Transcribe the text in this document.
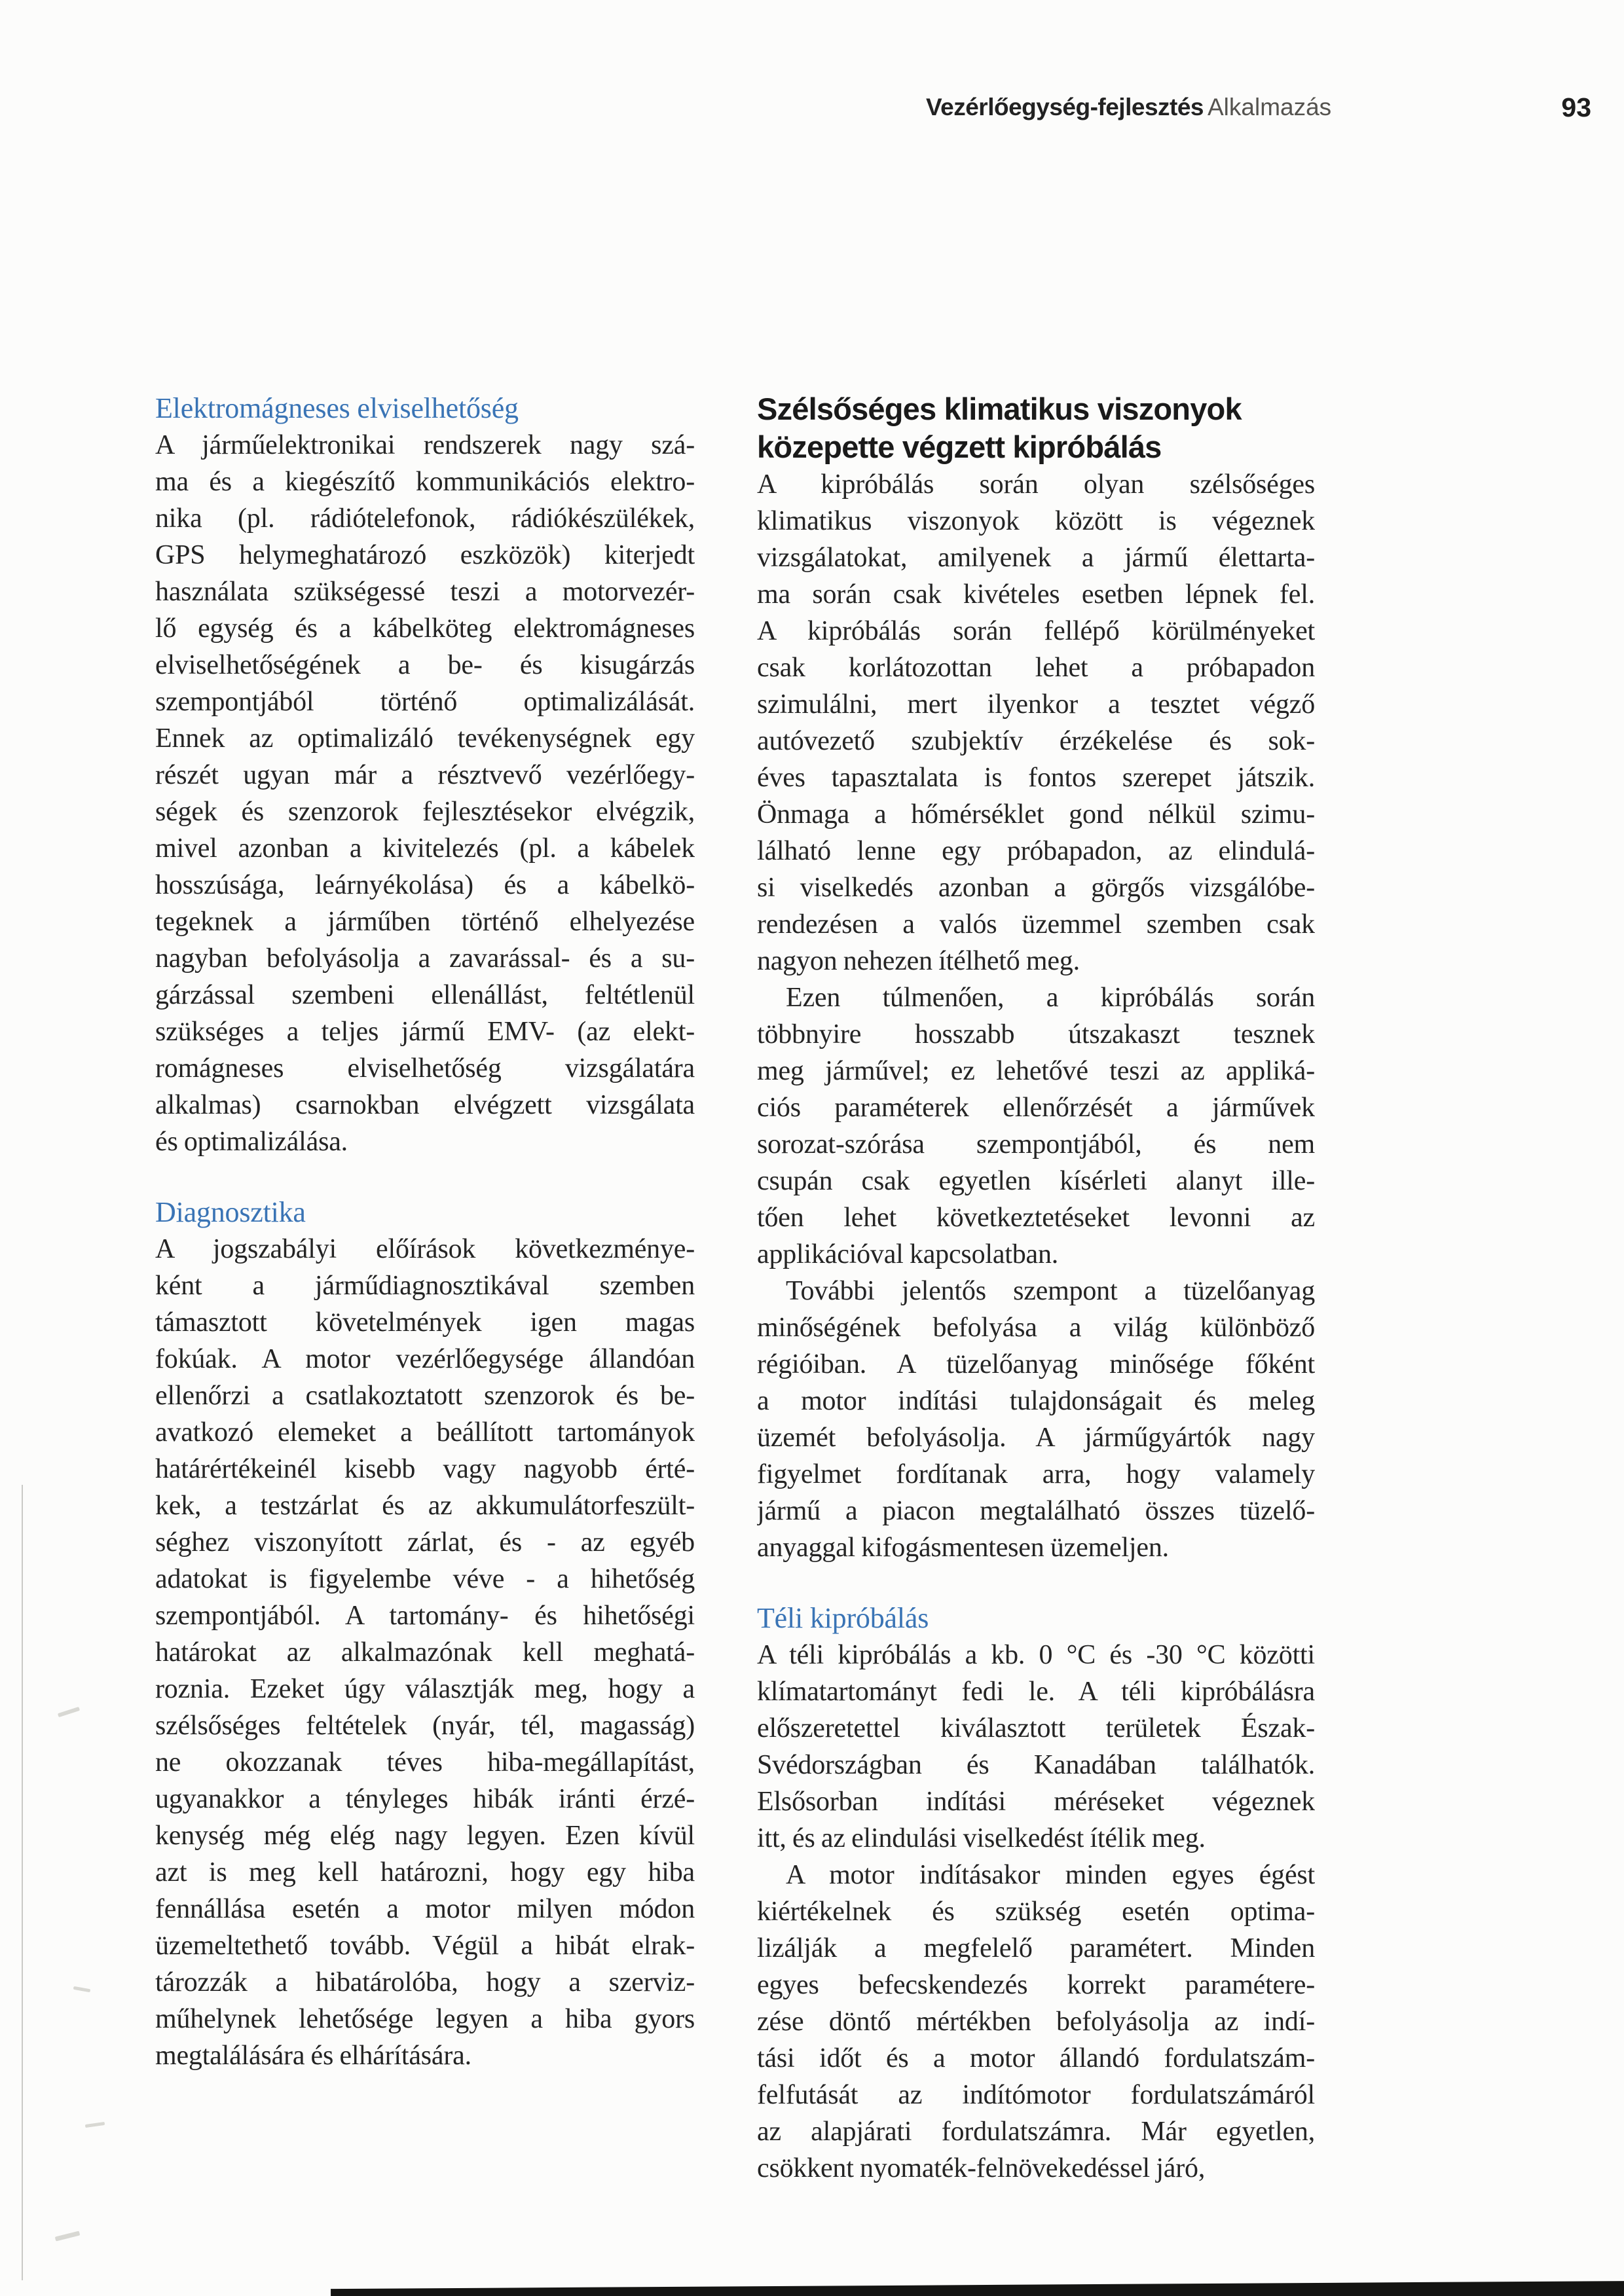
Vezérlőegység-fejlesztés Alkalmazás	93
Elektromágneses elviselhetőség
A járműelektronikai rendszerek nagy szá-
ma és a kiegészítő kommunikációs elektro-
nika (pl. rádiótelefonok, rádiókészülékek,
GPS helymeghatározó eszközök) kiterjedt
használata szükségessé teszi a motorvezér-
lő egység és a kábelköteg elektromágneses
elviselhetőségének a be- és kisugárzás
szempontjából történő optimalizálását.
Ennek az optimalizáló tevékenységnek egy
részét ugyan már a résztvevő vezérlőegy-
ségek és szenzorok fejlesztésekor elvégzik,
mivel azonban a kivitelezés (pl. a kábelek
hosszúsága, leárnyékolása) és a kábelkö-
tegeknek a járműben történő elhelyezése
nagyban befolyásolja a zavarással- és a su-
gárzással szembeni ellenállást, feltétlenül
szükséges a teljes jármű EMV- (az elekt-
romágneses elviselhetőség vizsgálatára
alkalmas) csarnokban elvégzett vizsgálata
és optimalizálása.
Diagnosztika
A jogszabályi előírások következménye-
ként a járműdiagnosztikával szemben
támasztott követelmények igen magas
fokúak. A motor vezérlőegysége állandóan
ellenőrzi a csatlakoztatott szenzorok és be-
avatkozó elemeket a beállított tartományok
határértékeinél kisebb vagy nagyobb érté-
kek, a testzárlat és az akkumulátorfeszült-
séghez viszonyított zárlat, és - az egyéb
adatokat is figyelembe véve - a hihetőség
szempontjából. A tartomány- és hihetőségi
határokat az alkalmazónak kell meghatá-
roznia. Ezeket úgy választják meg, hogy a
szélsőséges feltételek (nyár, tél, magasság)
ne okozzanak téves hiba-megállapítást,
ugyanakkor a tényleges hibák iránti érzé-
kenység még elég nagy legyen. Ezen kívül
azt is meg kell határozni, hogy egy hiba
fennállása esetén a motor milyen módon
üzemeltethető tovább. Végül a hibát elrak-
tározzák a hibatárolóba, hogy a szerviz-
műhelynek lehetősége legyen a hiba gyors
megtalálására és elhárítására.
Szélsőséges klimatikus viszonyok
közepette végzett kipróbálás
A kipróbálás során olyan szélsőséges
klimatikus viszonyok között is végeznek
vizsgálatokat, amilyenek a jármű élettarta-
ma során csak kivételes esetben lépnek fel.
A kipróbálás során fellépő körülményeket
csak korlátozottan lehet a próbapadon
szimulálni, mert ilyenkor a tesztet végző
autóvezető szubjektív érzékelése és sok-
éves tapasztalata is fontos szerepet játszik.
Önmaga a hőmérséklet gond nélkül szimu-
lálható lenne egy próbapadon, az elindulá-
si viselkedés azonban a görgős vizsgálóbe-
rendezésen a valós üzemmel szemben csak
nagyon nehezen ítélhető meg.
Ezen túlmenően, a kipróbálás során
többnyire hosszabb útszakaszt tesznek
meg járművel; ez lehetővé teszi az appliká-
ciós paraméterek ellenőrzését a járművek
sorozat-szórása szempontjából, és nem
csupán csak egyetlen kísérleti alanyt ille-
tően lehet következtetéseket levonni az
applikációval kapcsolatban.
További jelentős szempont a tüzelőanyag
minőségének befolyása a világ különböző
régióiban. A tüzelőanyag minősége főként
a motor indítási tulajdonságait és meleg
üzemét befolyásolja. A járműgyártók nagy
figyelmet fordítanak arra, hogy valamely
jármű a piacon megtalálható összes tüzelő-
anyaggal kifogásmentesen üzemeljen.
Téli kipróbálás
A téli kipróbálás a kb. 0 °C és -30 °C közötti
klímatartományt fedi le. A téli kipróbálásra
előszeretettel kiválasztott területek Észak-
Svédországban és Kanadában találhatók.
Elsősorban indítási méréseket végeznek
itt, és az elindulási viselkedést ítélik meg.
A motor indításakor minden egyes égést
kiértékelnek és szükség esetén optima-
lizálják a megfelelő paramétert. Minden
egyes befecskendezés korrekt paramétere-
zése döntő mértékben befolyásolja az indí-
tási időt és a motor állandó fordulatszám-
felfutását az indítómotor fordulatszámáról
az alapjárati fordulatszámra. Már egyetlen,
csökkent nyomaték-felnövekedéssel járó,
